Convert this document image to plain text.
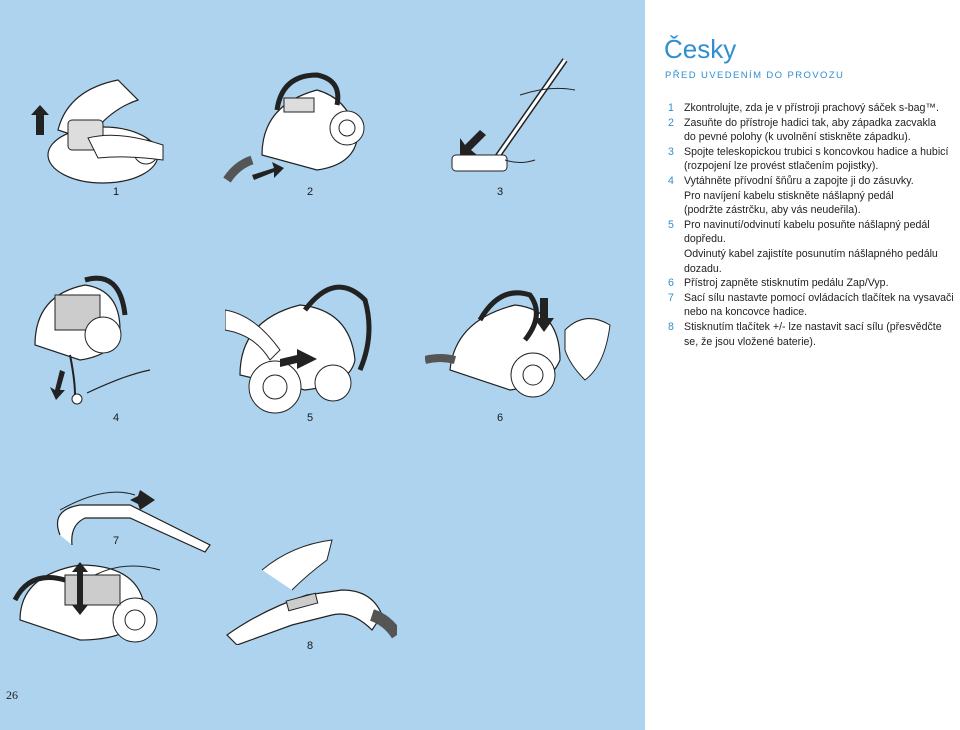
1	2	3
4	5	6
7
8
26
Česky

PŘED UVEDENÍM DO PROVOZU

1 Zkontrolujte, zda je v přístroji prachový sáček s-bag™.
2 Zasuňte do přístroje hadici tak, aby západka zacvakla
do pevné polohy (k uvolnění stiskněte západku).
3 Spojte teleskopickou trubici s koncovkou hadice a hubicí
(rozpojení lze provést stlačením pojistky).
4 Vytáhněte přívodní šňůru a zapojte ji do zásuvky.
Pro navíjení kabelu stiskněte nášlapný pedál
(podržte zástrčku, aby vás neudeřila).
5 Pro navinutí/odvinutí kabelu posuňte nášlapný pedál
dopředu.
Odvinutý kabel zajistíte posunutím nášlapného pedálu
dozadu.
6 Přístroj zapněte stisknutím pedálu Zap/Vyp.
7 Sací sílu nastavte pomocí ovládacích tlačítek na vysavači
nebo na koncovce hadice.
8 Stisknutím tlačítek +/- lze nastavit sací sílu (přesvědčte
se, že jsou vložené baterie).
